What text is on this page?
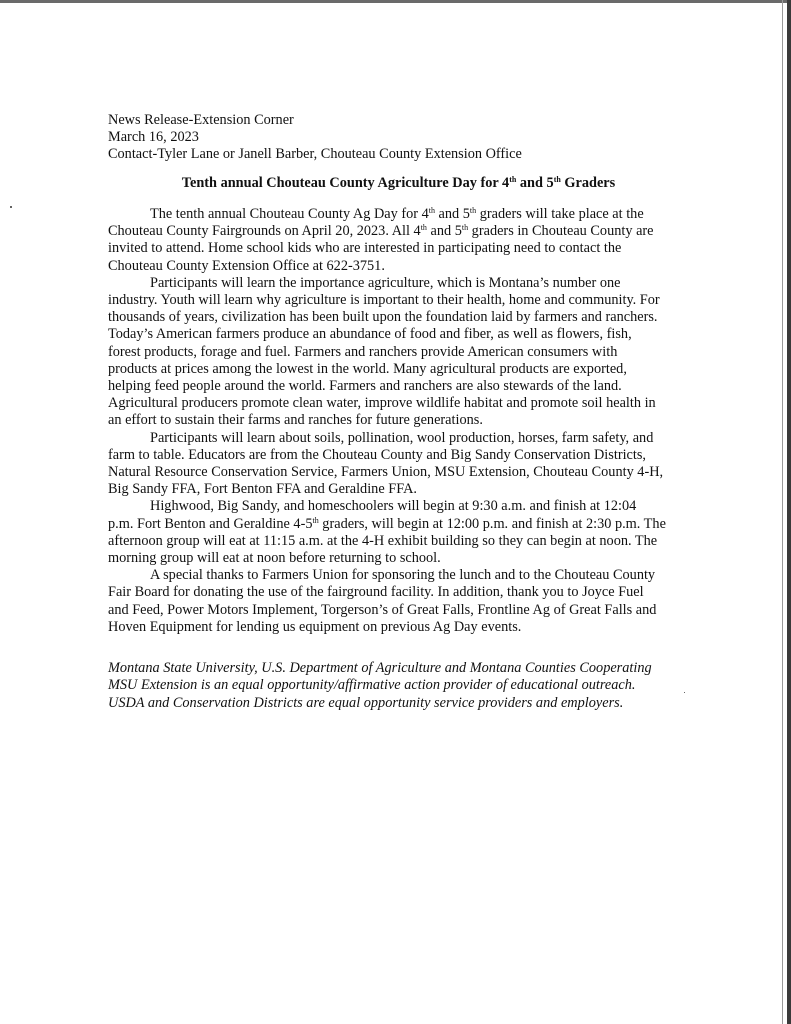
News Release-Extension Corner
March 16, 2023
Contact-Tyler Lane or Janell Barber, Chouteau County Extension Office
Tenth annual Chouteau County Agriculture Day for 4th and 5th Graders
The tenth annual Chouteau County Ag Day for 4th and 5th graders will take place at the
Chouteau County Fairgrounds on April 20, 2023. All 4th and 5th graders in Chouteau County are
invited to attend. Home school kids who are interested in participating need to contact the
Chouteau County Extension Office at 622-3751.
Participants will learn the importance agriculture, which is Montana’s number one
industry. Youth will learn why agriculture is important to their health, home and community. For
thousands of years, civilization has been built upon the foundation laid by farmers and ranchers.
Today’s American farmers produce an abundance of food and fiber, as well as flowers, fish,
forest products, forage and fuel. Farmers and ranchers provide American consumers with
products at prices among the lowest in the world. Many agricultural products are exported,
helping feed people around the world. Farmers and ranchers are also stewards of the land.
Agricultural producers promote clean water, improve wildlife habitat and promote soil health in
an effort to sustain their farms and ranches for future generations.
Participants will learn about soils, pollination, wool production, horses, farm safety, and
farm to table. Educators are from the Chouteau County and Big Sandy Conservation Districts,
Natural Resource Conservation Service, Farmers Union, MSU Extension, Chouteau County 4-H,
Big Sandy FFA, Fort Benton FFA and Geraldine FFA.
Highwood, Big Sandy, and homeschoolers will begin at 9:30 a.m. and finish at 12:04
p.m. Fort Benton and Geraldine 4-5th graders, will begin at 12:00 p.m. and finish at 2:30 p.m. The
afternoon group will eat at 11:15 a.m. at the 4-H exhibit building so they can begin at noon. The
morning group will eat at noon before returning to school.
A special thanks to Farmers Union for sponsoring the lunch and to the Chouteau County
Fair Board for donating the use of the fairground facility. In addition, thank you to Joyce Fuel
and Feed, Power Motors Implement, Torgerson’s of Great Falls, Frontline Ag of Great Falls and
Hoven Equipment for lending us equipment on previous Ag Day events.
Montana State University, U.S. Department of Agriculture and Montana Counties Cooperating
MSU Extension is an equal opportunity/affirmative action provider of educational outreach.
USDA and Conservation Districts are equal opportunity service providers and employers.
